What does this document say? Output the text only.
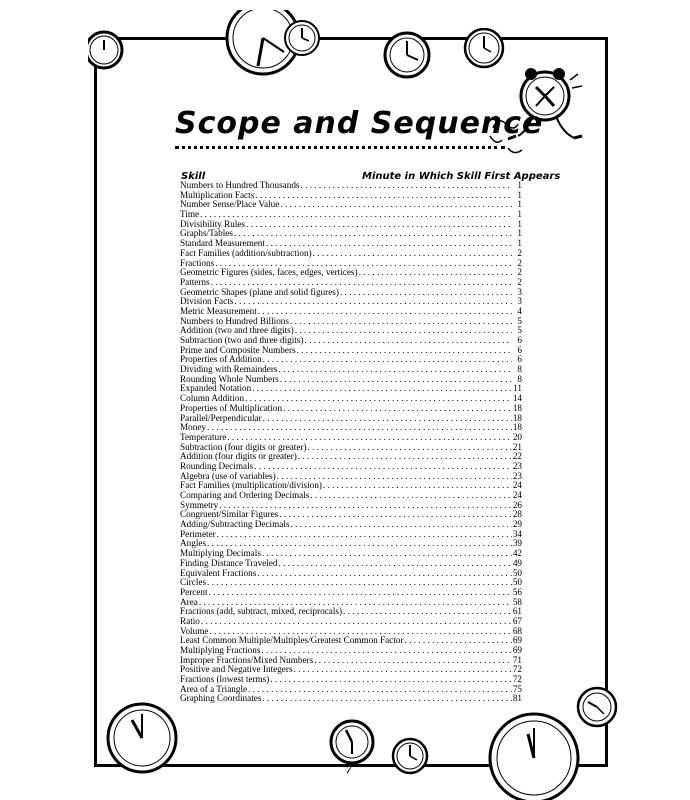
Scope and Sequence
Skill	Minute in Which Skill First Appears
Numbers to Hundred Thousands . . .	1
Multiplication Facts . . .	1
Number Sense/Place Value . . .	1
Time . . .	1
Divisibility Rules . . .	1
Graphs/Tables . . .	1
Standard Measurement . . .	1
Fact Families (addition/subtraction) . . .	2
Fractions . . .	2
Geometric Figures (sides, faces, edges, vertices) . . .	2
Patterns . . .	2
Geometric Shapes (plane and solid figures) . . .	3
Division Facts . . .	3
Metric Measurement . . .	4
Numbers to Hundred Billions . . .	5
Addition (two and three digits) . . .	5
Subtraction (two and three digits) . . .	6
Prime and Composite Numbers . . .	6
Properties of Addition . . .	6
Dividing with Remainders . . .	8
Rounding Whole Numbers . . .	8
Expanded Notation . . .	11
Column Addition . . .	14
Properties of Multiplication . . .	18
Parallel/Perpendicular . . .	18
Money . . .	18
Temperature . . .	20
Subtraction (four digits or greater) . . .	21
Addition (four digits or greater) . . .	22
Rounding Decimals . . .	23
Algebra (use of variables) . . .	23
Fact Families (multiplication/division) . . .	24
Comparing and Ordering Decimals . . .	24
Symmetry . . .	26
Congruent/Similar Figures . . .	28
Adding/Subtracting Decimals . . .	29
Perimeter . . .	34
Angles . . .	39
Multiplying Decimals . . .	42
Finding Distance Traveled . . .	49
Equivalent Fractions . . .	50
Circles . . .	50
Percent . . .	56
Area . . .	58
Fractions (add, subtract, mixed, reciprocals) . . .	61
Ratio . . .	67
Volume . . .	68
Least Common Multiple/Multiples/Greatest Common Factor . . .	69
Multiplying Fractions . . .	69
Improper Fractions/Mixed Numbers . . .	71
Positive and Negative Integers . . .	72
Fractions (lowest terms) . . .	72
Area of a Triangle . . .	75
Graphing Coordinates . . .	81
7
